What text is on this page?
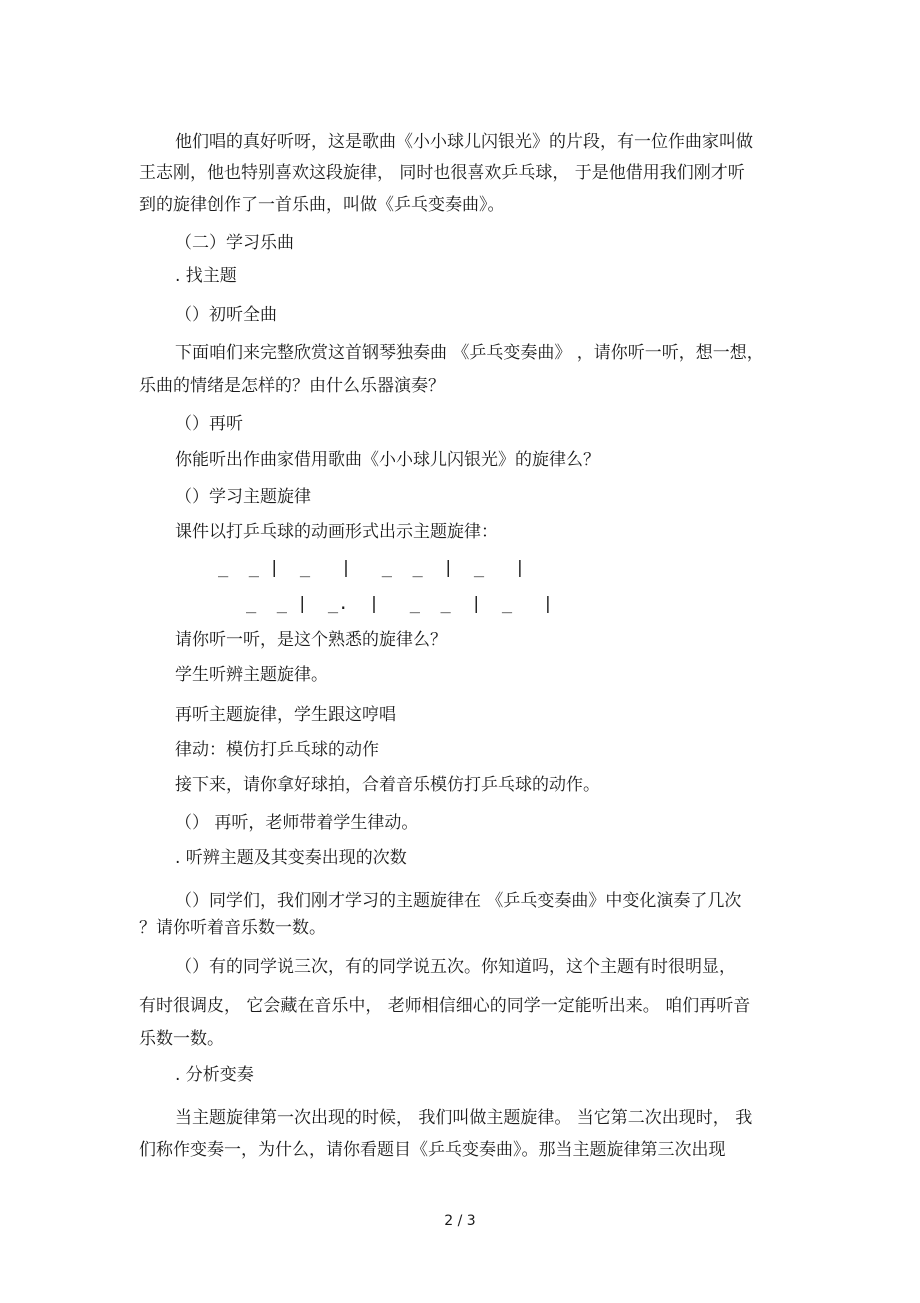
他们唱的真好听呀，这是歌曲《小小球儿闪银光》的片段，有一位作曲家叫做
王志刚，他也特别喜欢这段旋律， 同时也很喜欢乒乓球， 于是他借用我们刚才听
到的旋律创作了一首乐曲，叫做《乒乓变奏曲》。
（二）学习乐曲
. 找主题
（）初听全曲
下面咱们来完整欣赏这首钢琴独奏曲 《乒乓变奏曲》 ，请你听一听，想一想，
乐曲的情绪是怎样的？由什么乐器演奏？
（）再听
你能听出作曲家借用歌曲《小小球儿闪银光》的旋律么？
（）学习主题旋律
课件以打乒乓球的动画形式出示主题旋律：
_  _ |  _   |   _  _  |  _   |
_  _ |  _.  |   _  _  |  _   |
请你听一听，是这个熟悉的旋律么？
学生听辨主题旋律。
再听主题旋律，学生跟这哼唱
律动：模仿打乒乓球的动作
接下来，请你拿好球拍，合着音乐模仿打乒乓球的动作。
（） 再听，老师带着学生律动。
. 听辨主题及其变奏出现的次数
（）同学们，我们刚才学习的主题旋律在 《乒乓变奏曲》中变化演奏了几次
？请你听着音乐数一数。
（）有的同学说三次，有的同学说五次。你知道吗，这个主题有时很明显，
有时很调皮， 它会藏在音乐中， 老师相信细心的同学一定能听出来。 咱们再听音
乐数一数。
. 分析变奏
当主题旋律第一次出现的时候， 我们叫做主题旋律。 当它第二次出现时， 我
们称作变奏一，为什么，请你看题目《乒乓变奏曲》。那当主题旋律第三次出现
2 / 3
